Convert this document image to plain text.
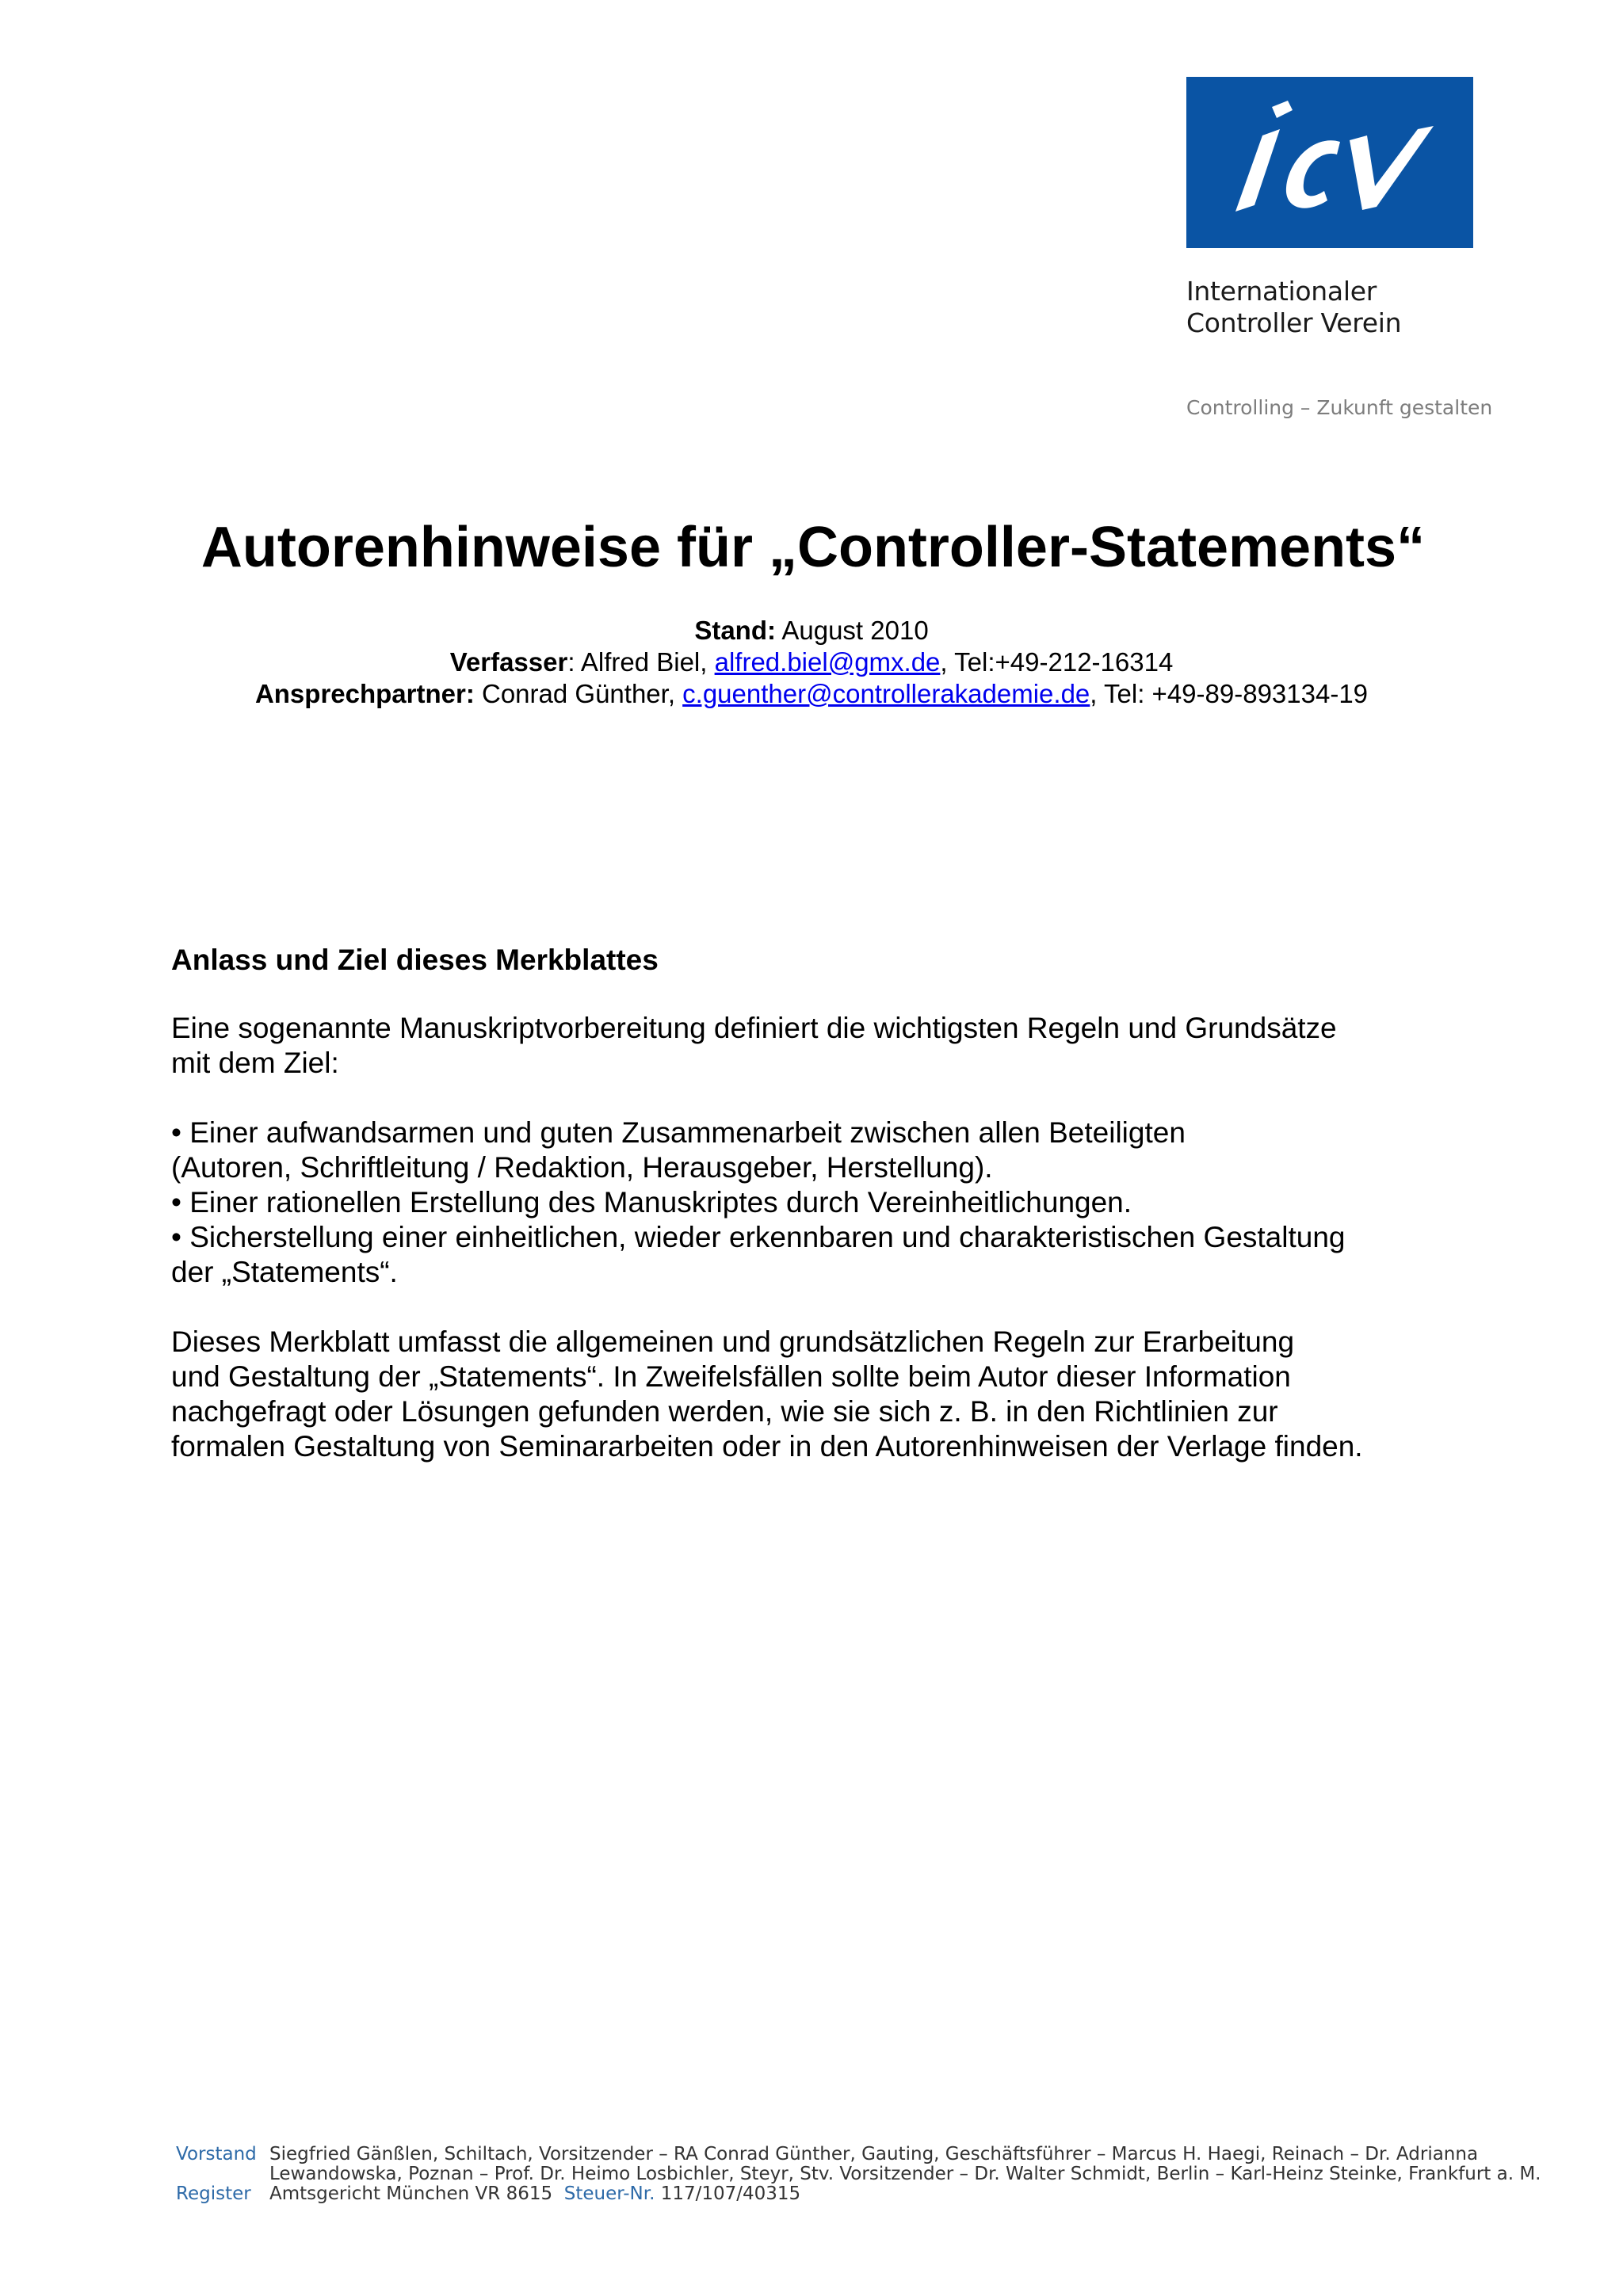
Internationaler
Controller Verein
Controlling – Zukunft gestalten
Autorenhinweise für „Controller-Statements“
Stand: August 2010
Verfasser: Alfred Biel, alfred.biel@gmx.de, Tel:+49-212-16314
Ansprechpartner: Conrad Günther, c.guenther@controllerakademie.de, Tel: +49-89-893134-19
Anlass und Ziel dieses Merkblattes

Eine sogenannte Manuskriptvorbereitung definiert die wichtigsten Regeln und Grundsätze
mit dem Ziel:

• Einer aufwandsarmen und guten Zusammenarbeit zwischen allen Beteiligten
(Autoren, Schriftleitung / Redaktion, Herausgeber, Herstellung).
• Einer rationellen Erstellung des Manuskriptes durch Vereinheitlichungen.
• Sicherstellung einer einheitlichen, wieder erkennbaren und charakteristischen Gestaltung
der „Statements“.

Dieses Merkblatt umfasst die allgemeinen und grundsätzlichen Regeln zur Erarbeitung
und Gestaltung der „Statements“. In Zweifelsfällen sollte beim Autor dieser Information
nachgefragt oder Lösungen gefunden werden, wie sie sich z. B. in den Richtlinien zur
formalen Gestaltung von Seminararbeiten oder in den Autorenhinweisen der Verlage finden.

Vorstand Siegfried Gänßlen, Schiltach, Vorsitzender – RA Conrad Günther, Gauting, Geschäftsführer – Marcus H. Haegi, Reinach – Dr. Adrianna
Lewandowska, Poznan – Prof. Dr. Heimo Losbichler, Steyr, Stv. Vorsitzender – Dr. Walter Schmidt, Berlin – Karl-Heinz Steinke, Frankfurt a. M.
Register	Amtsgericht München VR 8615
Steuer-Nr.
117/107/40315
